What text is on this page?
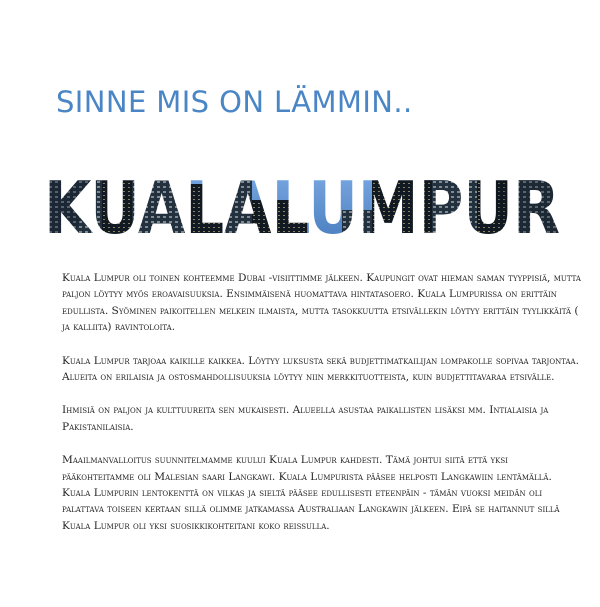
SINNE MIS ON LÄMMIN..

Kuala Lumpur oli toinen kohteemme Dubai -visiittimme jälkeen. Kaupungit ovat hieman saman tyyppisiä, mutta paljon löytyy myös eroavaisuuksia. Ensimmäisenä huomattava hintatasoero. Kuala Lumpurissa on erittäin edullista. Syöminen paikoitellen melkein ilmaista, mutta tasokkuutta etsivällekin löytyy erittäin tyylikkäitä ( ja kalliita) ravintoloita.

Kuala Lumpur tarjoaa kaikille kaikkea. Löytyy luksusta sekä budjettimatkailijan lompakolle sopivaa tarjontaa. Alueita on erilaisia ja ostosmahdollisuuksia löytyy niin merkkituotteista, kuin budjettitavaraa etsivälle.

Ihmisiä on paljon ja kulttuureita sen mukaisesti. Alueella asustaa paikallisten lisäksi mm. Intialaisia ja Pakistanilaisia.

Maailmanvalloitus suunnitelmamme kuului Kuala Lumpur kahdesti. Tämä johtui siitä että yksi pääkohteitamme oli Malesian saari Langkawi. Kuala Lumpurista pääsee helposti Langkawiin lentämällä. Kuala Lumpurin lentokenttä on vilkas ja sieltä pääsee edullisesti eteenpäin - tämän vuoksi meidän oli palattava toiseen kertaan sillä olimme jatkamassa Australiaan Langkawin jälkeen. Eipä se haitannut sillä Kuala Lumpur oli yksi suosikkikohteitani koko reissulla.
